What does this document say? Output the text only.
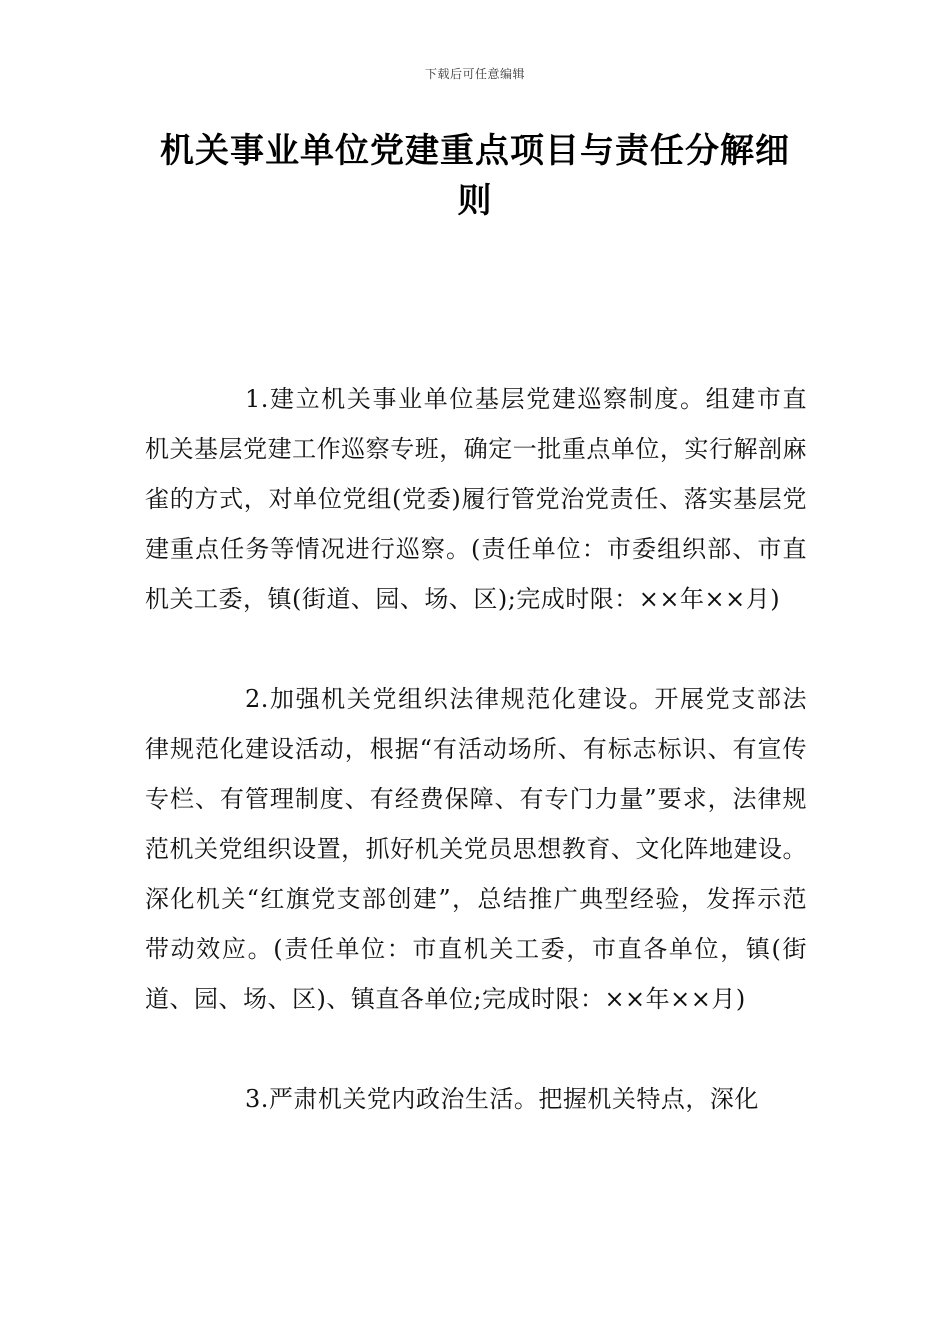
下载后可任意编辑
机关事业单位党建重点项目与责任分解细则

1.建立机关事业单位基层党建巡察制度。组建市直机关基层党建工作巡察专班，确定一批重点单位，实行解剖麻雀的方式，对单位党组(党委)履行管党治党责任、落实基层党建重点任务等情况进行巡察。(责任单位：市委组织部、市直机关工委，镇(街道、园、场、区);完成时限：××年××月)

2.加强机关党组织法律规范化建设。开展党支部法律规范化建设活动，根据“有活动场所、有标志标识、有宣传专栏、有管理制度、有经费保障、有专门力量”要求，法律规范机关党组织设置，抓好机关党员思想教育、文化阵地建设。深化机关“红旗党支部创建”，总结推广典型经验，发挥示范带动效应。(责任单位：市直机关工委，市直各单位，镇(街道、园、场、区)、镇直各单位;完成时限：××年××月)

3.严肃机关党内政治生活。把握机关特点，深化
